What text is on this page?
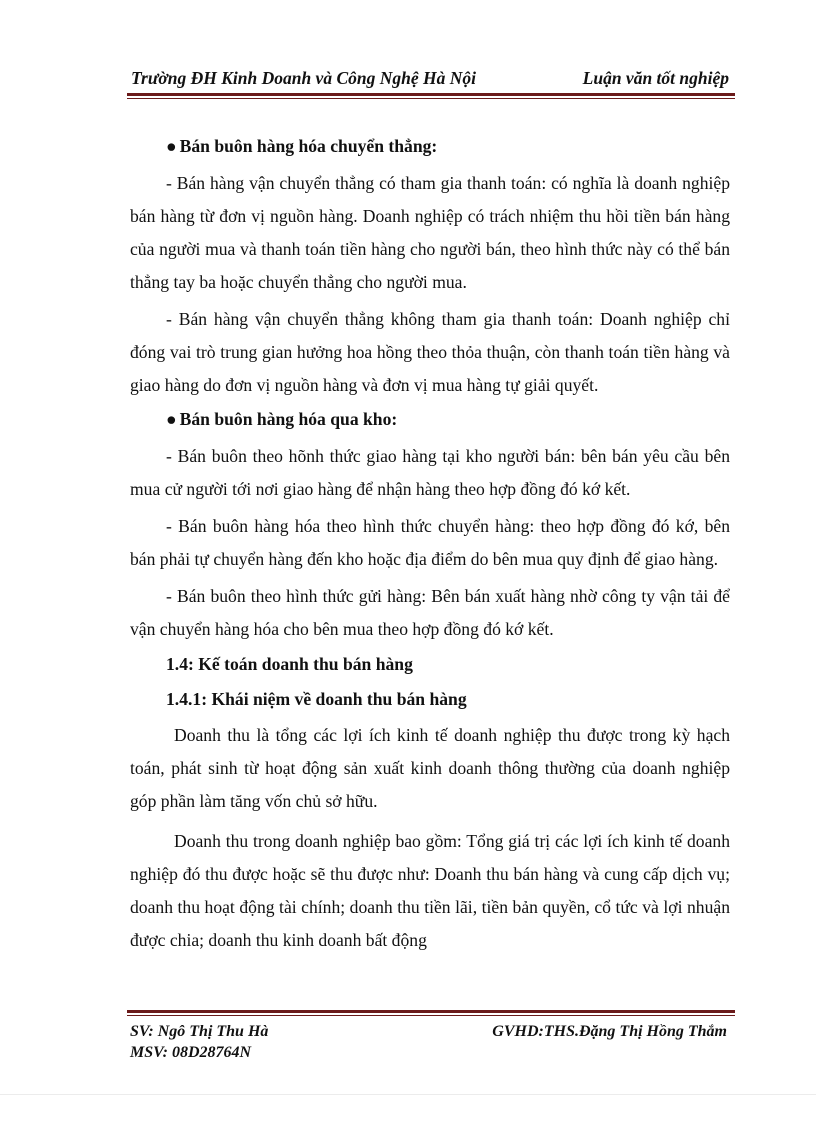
Trường ĐH Kinh Doanh và Công Nghệ Hà Nội	Luận văn tốt nghiệp

● Bán buôn hàng hóa chuyển thẳng:

- Bán hàng vận chuyển thẳng có tham gia thanh toán: có nghĩa là doanh nghiệp bán hàng từ đơn vị nguồn hàng. Doanh nghiệp có trách nhiệm thu hồi tiền bán hàng của người mua và thanh toán tiền hàng cho người bán, theo hình thức này có thể bán thẳng tay ba hoặc chuyển thẳng cho người mua.

- Bán hàng vận chuyển thẳng không tham gia thanh toán: Doanh nghiệp chỉ đóng vai trò trung gian hưởng hoa hồng theo thỏa thuận, còn thanh toán tiền hàng và giao hàng do đơn vị nguồn hàng và đơn vị mua hàng tự giải quyết.

● Bán buôn hàng hóa qua kho:

- Bán buôn theo hõnh thức giao hàng tại kho người bán: bên bán yêu cầu bên mua cử người tới nơi giao hàng để nhận hàng theo hợp đồng đó kớ kết.

- Bán buôn hàng hóa theo hình thức chuyển hàng: theo hợp đồng đó kớ, bên bán phải tự chuyển hàng đến kho hoặc địa điểm do bên mua quy định để giao hàng.

- Bán buôn theo hình thức gửi hàng: Bên bán xuất hàng nhờ công ty vận tải để vận chuyển hàng hóa cho bên mua theo hợp đồng đó kớ kết.

1.4: Kế toán doanh thu bán hàng

1.4.1: Khái niệm về doanh thu bán hàng

Doanh thu là tổng các lợi ích kinh tế doanh nghiệp thu được trong kỳ hạch toán, phát sinh từ hoạt động sản xuất kinh doanh thông thường của doanh nghiệp góp phần làm tăng vốn chủ sở hữu.

Doanh thu trong doanh nghiệp bao gồm: Tổng giá trị các lợi ích kinh tế doanh nghiệp đó thu được hoặc sẽ thu được như: Doanh thu bán hàng và cung cấp dịch vụ; doanh thu hoạt động tài chính; doanh thu tiền lãi, tiền bản quyền, cổ tức và lợi nhuận được chia; doanh thu kinh doanh bất động

SV: Ngô Thị Thu Hà
MSV: 08D28764N
GVHD:THS.Đặng Thị Hồng Thắm
